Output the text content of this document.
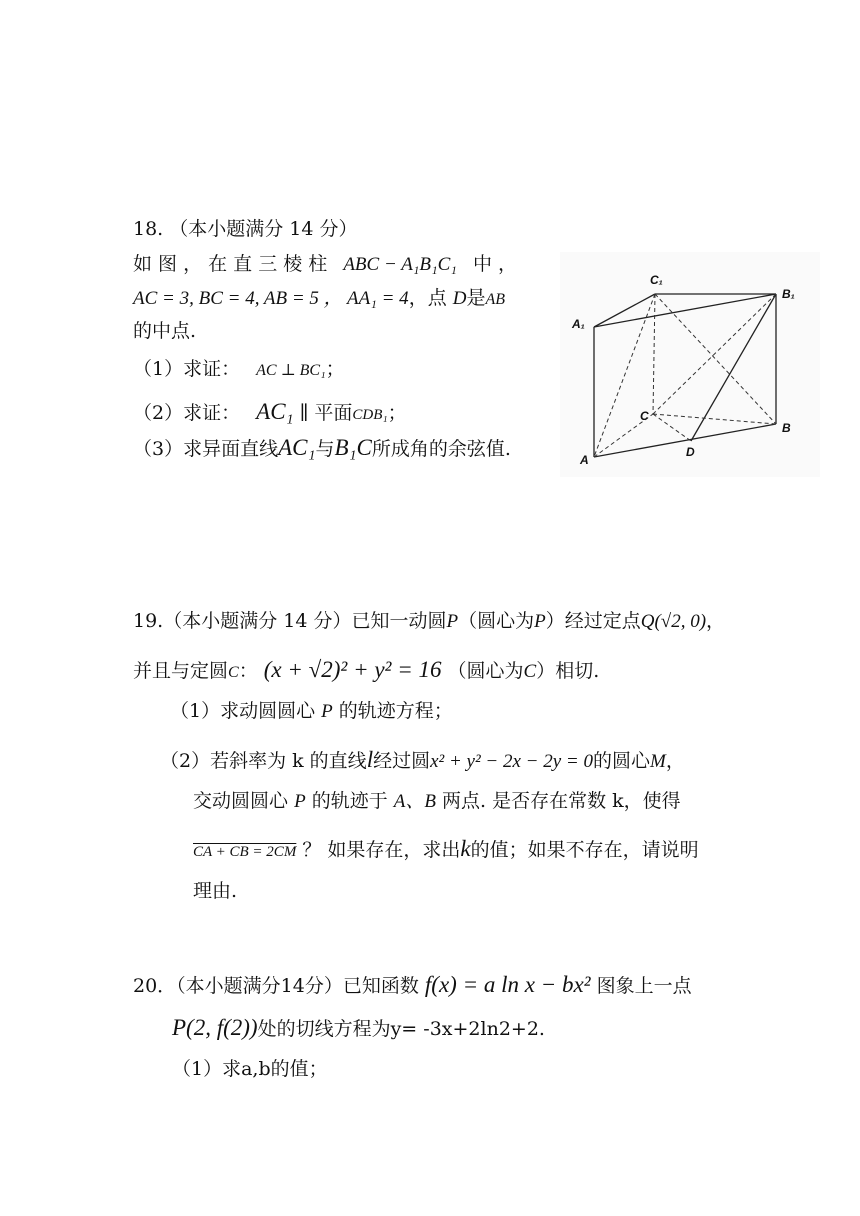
18. （本小题满分 14 分）
如 图 ， 在 直 三 棱 柱 ABC − A₁B₁C₁ 中 ，
AC = 3, BC = 4, AB = 5 ， AA₁ = 4，点 D是AB
的中点.
（1）求证： AC ⊥ BC₁；
（2）求证： AC₁ ∥ 平面CDB₁；
（3）求异面直线AC₁与B₁C所成角的余弦值.
C₁
B₁
A₁
C
B
A
D
19.（本小题满分 14 分）已知一动圆P（圆心为P）经过定点Q(√2, 0)，
并且与定圆C： (x + √2)² + y² = 16 （圆心为C）相切.
（1）求动圆圆心 P 的轨迹方程；
（2）若斜率为 k 的直线l经过圆x² + y² − 2x − 2y = 0的圆心M，
交动圆圆心 P 的轨迹于 A、B 两点. 是否存在常数 k，使得
CA + CB = 2CM ？ 如果存在，求出k的值；如果不存在，请说明
理由.
20．（本小题满分14分）已知函数 f(x) = a ln x − bx² 图象上一点
P(2, f(2))处的切线方程为y= -3x+2ln2+2.
（1）求a,b的值；
